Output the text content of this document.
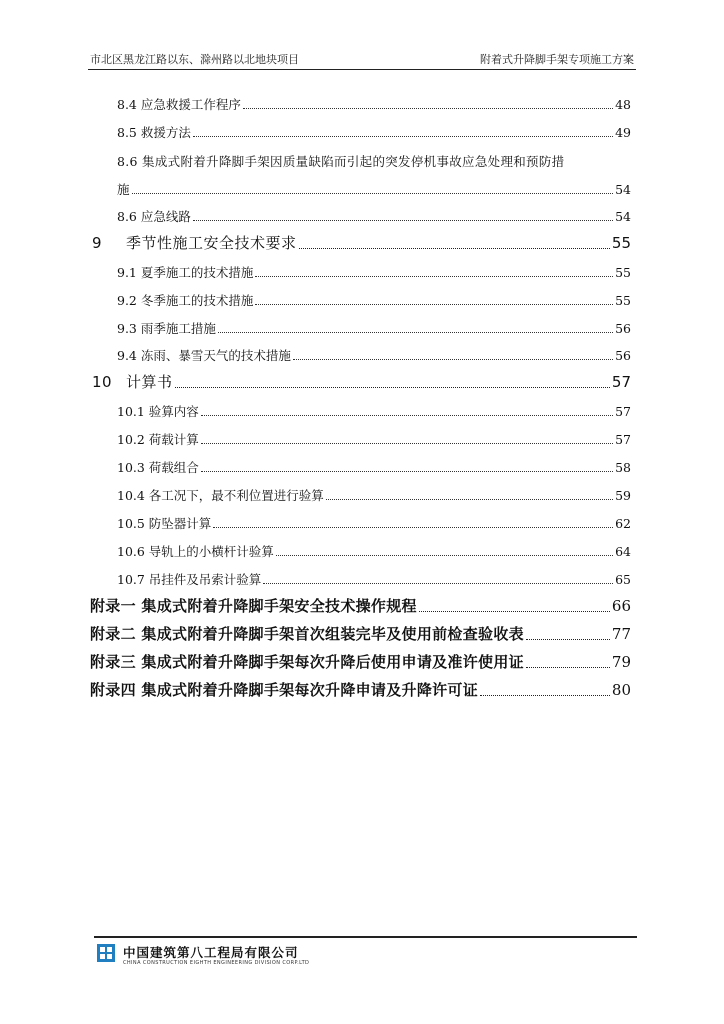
市北区黑龙江路以东、滁州路以北地块项目	附着式升降脚手架专项施工方案
8.4 应急救援工作程序	48
8.5 救援方法	49
8.6 集成式附着升降脚手架因质量缺陷而引起的突发停机事故应急处理和预防措
施	54
8.6 应急线路	54
9 季节性施工安全技术要求	55
9.1 夏季施工的技术措施	55
9.2 冬季施工的技术措施	55
9.3 雨季施工措施	56
9.4 冻雨、暴雪天气的技术措施	56
10 计算书	57
10.1 验算内容	57
10.2 荷载计算	57
10.3 荷载组合	58
10.4 各工况下，最不利位置进行验算	59
10.5 防坠器计算	62
10.6 导轨上的小横杆计验算	64
10.7 吊挂件及吊索计验算	65
附录一 集成式附着升降脚手架安全技术操作规程	66
附录二 集成式附着升降脚手架首次组装完毕及使用前检查验收表	77
附录三 集成式附着升降脚手架每次升降后使用申请及准许使用证	79
附录四 集成式附着升降脚手架每次升降申请及升降许可证	80
中国建筑第八工程局有限公司
CHINA CONSTRUCTION EIGHTH ENGINEERING DIVISION CORP.LTD
